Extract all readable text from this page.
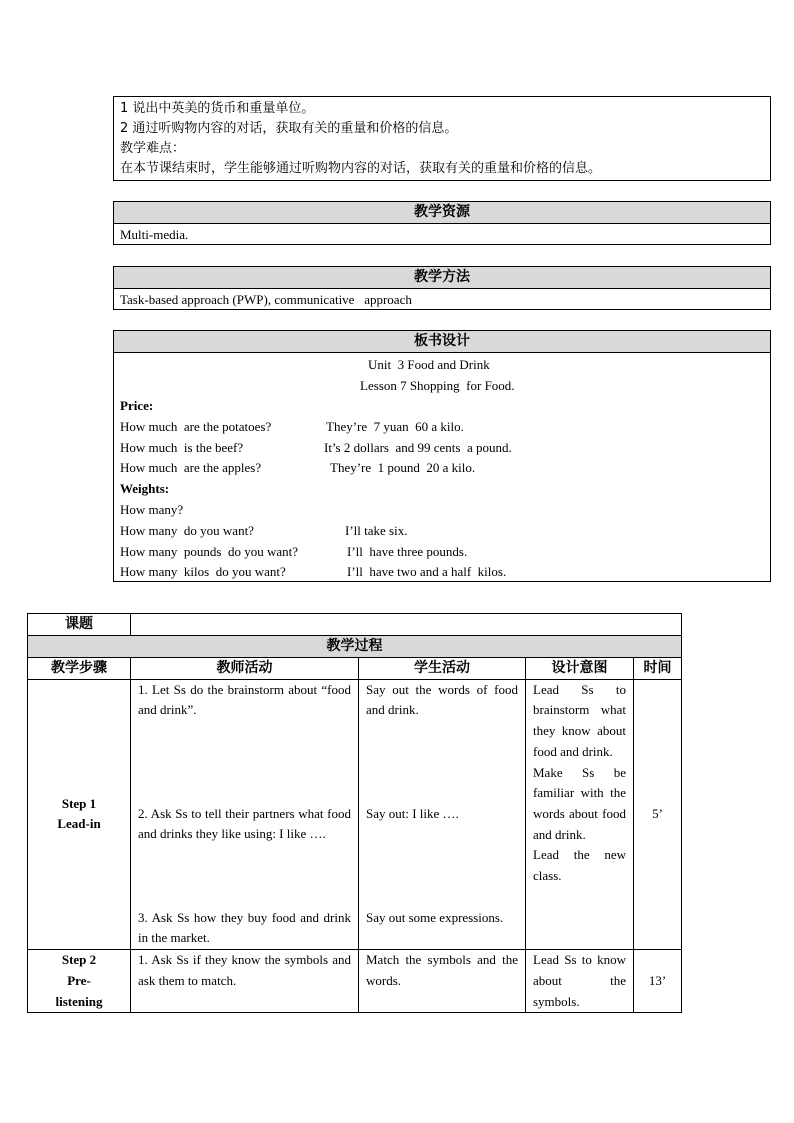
1 说出中英美的货币和重量单位。
2 通过听购物内容的对话，获取有关的重量和价格的信息。
教学难点：
在本节课结束时，学生能够通过听购物内容的对话，获取有关的重量和价格的信息。
教学资源
Multi-media.
教学方法
Task-based approach (PWP), communicative   approach
板书设计
Unit  3 Food and Drink
Lesson 7 Shopping  for Food.
Price:
How much  are the potatoes?	They’re  7 yuan  60 a kilo.
How much  is the beef?	It’s 2 dollars  and 99 cents  a pound.
How much  are the apples?	They’re  1 pound  20 a kilo.
Weights:
How many?
How many  do you want?	I’ll take six.
How many  pounds  do you want?	I’ll  have three pounds.
How many  kilos  do you want?	I’ll  have two and a half  kilos.
课题				
教学过程				
教学步骤	教师活动	学生活动	设计意图	时间

Step 1
Lead-in	1. Let Ss do the brainstorm about “food and drink”.
2. Ask Ss to tell their partners what food and drinks they like using: I like ….
3. Ask Ss how they buy food and drink in the market.	Say out the words of food and drink.
Say out: I like ….
Say out some expressions.	Lead Ss to brainstorm what they know about food and drink.
Make Ss be familiar with the words about food and drink.
Lead the new class.	5’

Step 2
Pre-
listening	1. Ask Ss if they know the symbols and ask them to match.	Match the symbols and the words.	Lead Ss to know about the symbols.	13’
